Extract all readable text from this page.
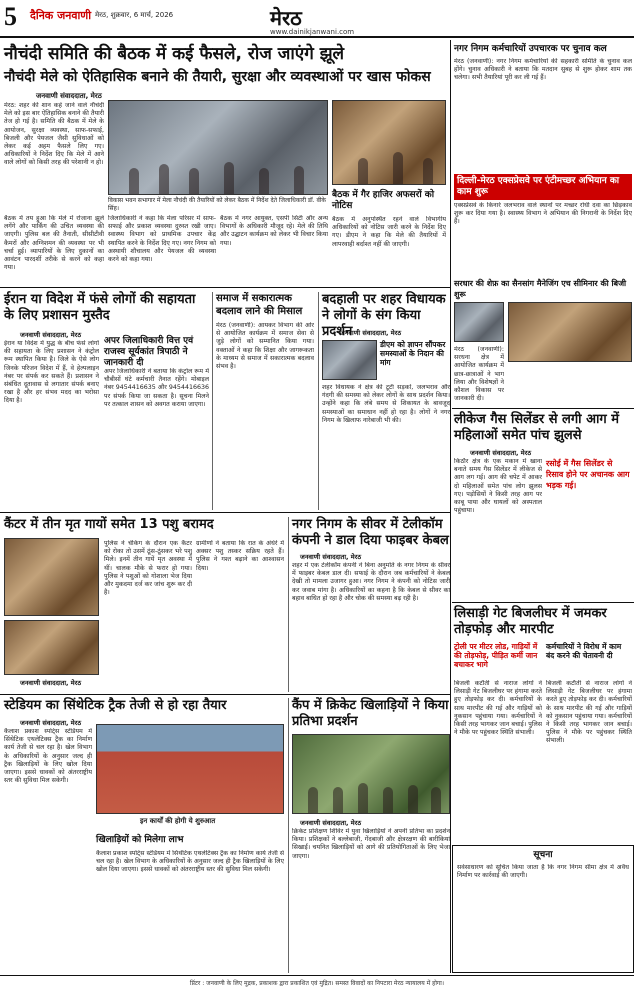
5 दैनिक जनवाणी मेरठ, शुक्रवार, 6 मार्च, 2026	मेरठ
www.dainikjanwani.com
नौचंदी समिति की बैठक में कई फैसले, रोज जाएंगे झूले
नौचंदी मेले को ऐतिहासिक बनाने की तैयारी, सुरक्षा और व्यवस्थाओं पर खास फोकस
जनवाणी संवाददाता, मेरठ
मेरठ: शहर की शान कहे जाने वाले नौचंदी मेले को इस बार ऐतिहासिक बनाने की तैयारी तेज हो गई है। समिति की बैठक में मेले के आयोजन, सुरक्षा व्यवस्था, साफ-सफाई, बिजली और पेयजल जैसी सुविधाओं को लेकर कई अहम फैसले लिए गए। अधिकारियों ने निर्देश दिए कि मेले में आने वाले लोगों को किसी तरह की परेशानी न हो।
बैठक में तय हुआ कि मेले में रोजाना झूले लगेंगे और पार्किंग की उचित व्यवस्था की जाएगी। पुलिस बल की तैनाती, सीसीटीवी कैमरों और अग्निशमन की व्यवस्था पर भी चर्चा हुई। व्यापारियों के लिए दुकानों का आवंटन पारदर्शी तरीके से करने को कहा गया।
विकास भवन सभागार में मेला नौचंदी की तैयारियों को लेकर बैठक में निर्देश देते जिलाधिकारी डॉ. वीके सिंह।
जिलाधिकारी ने कहा कि मेला परिसर में साफ-सफाई और प्रकाश व्यवस्था दुरुस्त रखी जाए। स्वास्थ्य विभाग को प्राथमिक उपचार केंद्र स्थापित करने के निर्देश दिए गए। नगर निगम को अस्थायी शौचालय और पेयजल की व्यवस्था करने को कहा गया।
बैठक में नगर आयुक्त, एसपी सिटी और अन्य विभागों के अधिकारी मौजूद रहे। मेले की तिथि और उद्घाटन कार्यक्रम को लेकर भी विचार किया गया।
बैठक में गैर हाजिर अफसरों को नोटिस
बैठक में अनुपस्थित रहने वाले विभागीय अधिकारियों को नोटिस जारी करने के निर्देश दिए गए। डीएम ने कहा कि मेले की तैयारियों में लापरवाही बर्दाश्त नहीं की जाएगी।
ईरान या विदेश में फंसे लोगों की सहायता के लिए प्रशासन मुस्तैद
जनवाणी संवाददाता, मेरठ
ईरान या विदेश में युद्ध के बीच फंसे लोगों की सहायता के लिए प्रशासन ने कंट्रोल रूम स्थापित किया है। जिले के ऐसे लोग जिनके परिजन विदेश में हैं, वे हेल्पलाइन नंबर पर संपर्क कर सकते हैं। प्रशासन ने संबंधित दूतावास से लगातार संपर्क बनाए रखा है और हर संभव मदद का भरोसा दिया है।
अपर जिलाधिकारी वित्त एवं राजस्व सूर्यकांत त्रिपाठी ने जानकारी दी
अपर जिलाधिकारी ने बताया कि कंट्रोल रूम में चौबीसों घंटे कर्मचारी तैनात रहेंगे। मोबाइल नंबर 9454416635 और 9454416636 पर संपर्क किया जा सकता है। सूचना मिलने पर तत्काल शासन को अवगत कराया जाएगा।
समाज में सकारात्मक बदलाव लाने की मिसाल
मेरठ (जनवाणी): आयकर विभाग की ओर से आयोजित कार्यक्रम में समाज सेवा से जुड़े लोगों को सम्मानित किया गया। वक्ताओं ने कहा कि शिक्षा और जागरूकता के माध्यम से समाज में सकारात्मक बदलाव संभव है।
बदहाली पर शहर विधायक ने लोगों के संग किया प्रदर्शन
जनवाणी संवाददाता, मेरठ
डीएम को ज्ञापन सौंपकर समस्याओं के निदान की मांग
शहर विधायक ने क्षेत्र की टूटी सड़कों, जलभराव और गंदगी की समस्या को लेकर लोगों के साथ प्रदर्शन किया। उन्होंने कहा कि लंबे समय से शिकायत के बावजूद समस्याओं का समाधान नहीं हो रहा है। लोगों ने नगर निगम के खिलाफ नारेबाजी भी की।
कैंटर में तीन मृत गायों समेत 13 पशु बरामद
जनवाणी संवाददाता, मेरठ
पुलिस ने चेकिंग के दौरान एक कैंटर को रोका तो उसमें ठूंस-ठूंसकर भरे पशु मिले। इनमें तीन गायें मृत अवस्था में थीं। चालक मौके से फरार हो गया। पुलिस ने पशुओं को गोशाला भेज दिया और मुकदमा दर्ज कर जांच शुरू कर दी है।
ग्रामीणों ने बताया कि रात के अंधेरे में अक्सर पशु तस्कर सक्रिय रहते हैं। पुलिस ने गश्त बढ़ाने का आश्वासन दिया।
नगर निगम के सीवर में टेलीकॉम कंपनी ने डाल दिया फाइबर केबल
जनवाणी संवाददाता, मेरठ
शहर में एक टेलीकॉम कंपनी ने बिना अनुमति के नगर निगम के सीवर में फाइबर केबल डाल दी। सफाई के दौरान जब कर्मचारियों ने केबल देखी तो मामला उजागर हुआ। नगर निगम ने कंपनी को नोटिस जारी कर जवाब मांगा है। अधिकारियों का कहना है कि केबल से सीवर का बहाव बाधित हो रहा है और चोक की समस्या बढ़ रही है।
स्टेडियम का सिंथेटिक ट्रैक तेजी से हो रहा तैयार
जनवाणी संवाददाता, मेरठ
कैलाश प्रकाश स्पोर्ट्स स्टेडियम में सिंथेटिक एथलेटिक्स ट्रैक का निर्माण कार्य तेजी से चल रहा है। खेल विभाग के अधिकारियों के अनुसार जल्द ही ट्रैक खिलाड़ियों के लिए खोल दिया जाएगा। इससे धावकों को अंतरराष्ट्रीय स्तर की सुविधा मिल सकेगी।
इन कार्यों की होगी ये शुरुआत
खिलाड़ियों को मिलेगा लाभ
कैलाश प्रकाश स्पोर्ट्स स्टेडियम में सिंथेटिक एथलेटिक्स ट्रैक का निर्माण कार्य तेजी से चल रहा है। खेल विभाग के अधिकारियों के अनुसार जल्द ही ट्रैक खिलाड़ियों के लिए खोल दिया जाएगा। इससे धावकों को अंतरराष्ट्रीय स्तर की सुविधा मिल सकेगी।
कैंप में क्रिकेट खिलाड़ियों ने किया प्रतिभा प्रदर्शन
जनवाणी संवाददाता, मेरठ
क्रिकेट प्रशिक्षण शिविर में युवा खिलाड़ियों ने अपनी प्रतिभा का प्रदर्शन किया। प्रशिक्षकों ने बल्लेबाजी, गेंदबाजी और क्षेत्ररक्षण की बारीकियां सिखाईं। चयनित खिलाड़ियों को आगे की प्रतियोगिताओं के लिए भेजा जाएगा।
नगर निगम कर्मचारियों उपचारक पर चुनाव कल
मेरठ (जनवाणी): नगर निगम कर्मचारियों की सहकारी समिति के चुनाव कल होंगे। चुनाव अधिकारी ने बताया कि मतदान सुबह से शुरू होकर शाम तक चलेगा। सभी तैयारियां पूरी कर ली गई हैं।
दिल्ली-मेरठ एक्सप्रेसवे पर एंटीमच्छर अभियान का काम शुरू
एक्सप्रेसवे के किनारे जलभराव वाले स्थानों पर मच्छर रोधी दवा का छिड़काव शुरू कर दिया गया है। स्वास्थ्य विभाग ने अभियान की निगरानी के निर्देश दिए हैं।
सरधार की शेफ़ का सैनसांग मैनेजिंग एच सीमिनार की बिजी शुरू
मेरठ (जनवाणी): सरधना क्षेत्र में आयोजित कार्यक्रम में छात्र-छात्राओं ने भाग लिया और विशेषज्ञों ने कौशल विकास पर जानकारी दी।
लीकेज गैस सिलेंडर से लगी आग में महिलाओं समेत पांच झुलसे
जनवाणी संवाददाता, मेरठ
किठौर क्षेत्र के एक मकान में खाना बनाते समय गैस सिलेंडर में लीकेज से आग लग गई। आग की चपेट में आकर दो महिलाओं समेत पांच लोग झुलस गए। पड़ोसियों ने किसी तरह आग पर काबू पाया और घायलों को अस्पताल पहुंचाया।
रसोई में गैस सिलेंडर से रिसाव होने पर अचानक आग भड़क गई।
लिसाड़ी गेट बिजलीघर में जमकर तोड़फोड़ और मारपीट
ट्रोली पर मीटर लोड, गाड़ियों में की तोड़फोड़, पीड़ित कर्मी जान बचाकर भागे
बिजली कटौती से नाराज लोगों ने लिसाड़ी गेट बिजलीघर पर हंगामा करते हुए तोड़फोड़ कर दी। कर्मचारियों के साथ मारपीट की गई और गाड़ियों को नुकसान पहुंचाया गया। कर्मचारियों ने किसी तरह भागकर जान बचाई। पुलिस ने मौके पर पहुंचकर स्थिति संभाली।
कर्मचारियों ने विरोध में काम बंद करने की चेतावनी दी
बिजली कटौती से नाराज लोगों ने लिसाड़ी गेट बिजलीघर पर हंगामा करते हुए तोड़फोड़ कर दी। कर्मचारियों के साथ मारपीट की गई और गाड़ियों को नुकसान पहुंचाया गया। कर्मचारियों ने किसी तरह भागकर जान बचाई। पुलिस ने मौके पर पहुंचकर स्थिति संभाली।
सूचना
सर्वसाधारण को सूचित किया जाता है कि नगर निगम सीमा क्षेत्र में अवैध निर्माण पर कार्रवाई की जाएगी।
प्रिंटर : जनवाणी के लिए मुद्रक, प्रकाशक द्वारा प्रकाशित एवं मुद्रित। समस्त विवादों का निपटारा मेरठ न्यायालय में होगा।
